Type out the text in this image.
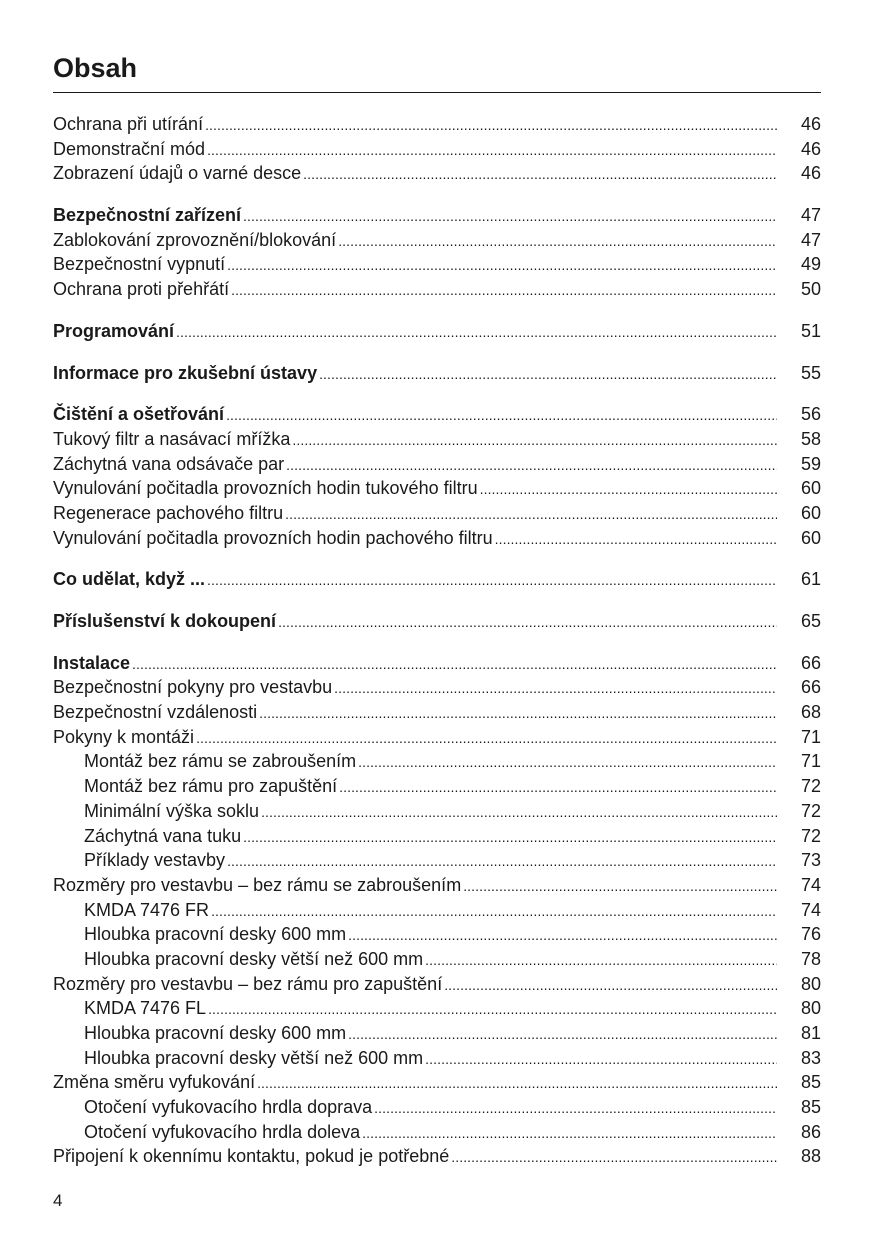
Obsah
Ochrana při utírání . . .	46
Demonstrační mód . . .	46
Zobrazení údajů o varné desce . . .	46
Bezpečnostní zařízení . . .	47
Zablokování zprovoznění/blokování . . .	47
Bezpečnostní vypnutí . . .	49
Ochrana proti přehřátí . . .	50
Programování . . .	51
Informace pro zkušební ústavy . . .	55
Čištění a ošetřování . . .	56
Tukový filtr a nasávací mřížka . . .	58
Záchytná vana odsávače par . . .	59
Vynulování počitadla provozních hodin tukového filtru . . .	60
Regenerace pachového filtru . . .	60
Vynulování počitadla provozních hodin pachového filtru . . .	60
Co udělat, když ... . . .	61
Příslušenství k dokoupení . . .	65
Instalace . . .	66
Bezpečnostní pokyny pro vestavbu . . .	66
Bezpečnostní vzdálenosti . . .	68
Pokyny k montáži . . .	71
Montáž bez rámu se zabroušením . . .	71
Montáž bez rámu pro zapuštění . . .	72
Minimální výška soklu . . .	72
Záchytná vana tuku . . .	72
Příklady vestavby . . .	73
Rozměry pro vestavbu – bez rámu se zabroušením . . .	74
KMDA 7476 FR . . .	74
Hloubka pracovní desky 600 mm . . .	76
Hloubka pracovní desky větší než 600 mm . . .	78
Rozměry pro vestavbu – bez rámu pro zapuštění . . .	80
KMDA 7476 FL . . .	80
Hloubka pracovní desky 600 mm . . .	81
Hloubka pracovní desky větší než 600 mm . . .	83
Změna směru vyfukování . . .	85
Otočení vyfukovacího hrdla doprava . . .	85
Otočení vyfukovacího hrdla doleva . . .	86
Připojení k okennímu kontaktu, pokud je potřebné . . .	88
4
